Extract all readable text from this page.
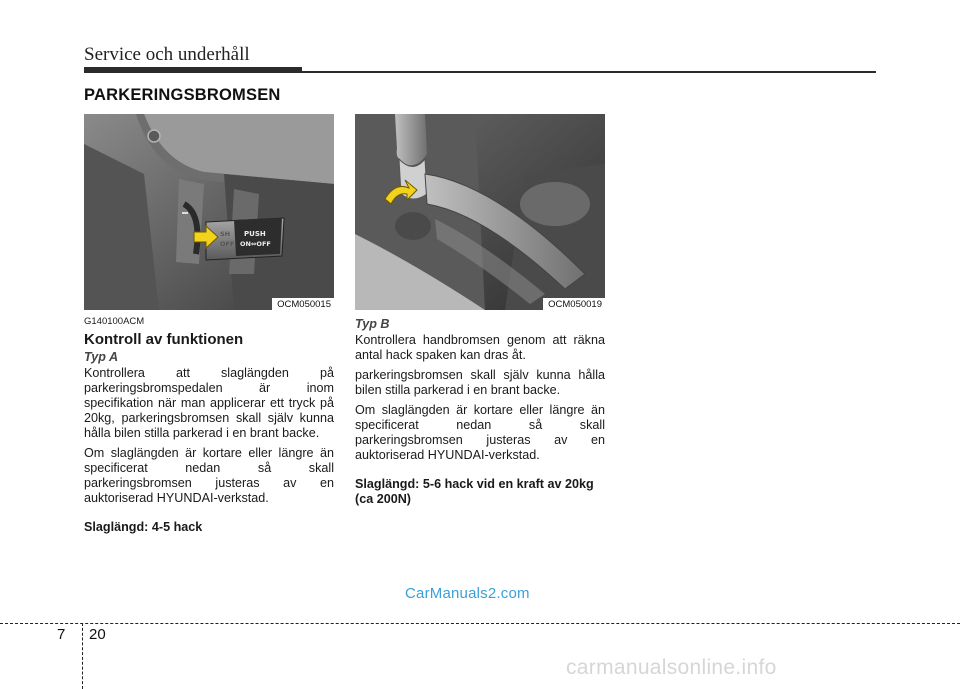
Service och underhåll
PARKERINGSBROMSEN
PUSH
ON⇔OFF
SH
OFF
OCM050015	OCM050019
G140100ACM
Kontroll av funktionen
Typ A
Kontrollera att slaglängden på parkeringsbromspedalen är inom specifikation när man applicerar ett tryck på 20kg, parkeringsbromsen skall själv kunna hålla bilen stilla parkerad i en brant backe.
Om slaglängden är kortare eller längre än specificerat nedan så skall parkeringsbromsen justeras av en auktoriserad HYUNDAI-verkstad.
Slaglängd: 4-5 hack
Typ B
Kontrollera handbromsen genom att räkna antal hack spaken kan dras åt.
parkeringsbromsen skall själv kunna hålla bilen stilla parkerad i en brant backe.
Om slaglängden är kortare eller längre än specificerat nedan så skall parkeringsbromsen justeras av en auktoriserad HYUNDAI-verkstad.
Slaglängd: 5-6 hack vid en kraft av 20kg (ca 200N)
CarManuals2.com
7 20
carmanualsonline.info
